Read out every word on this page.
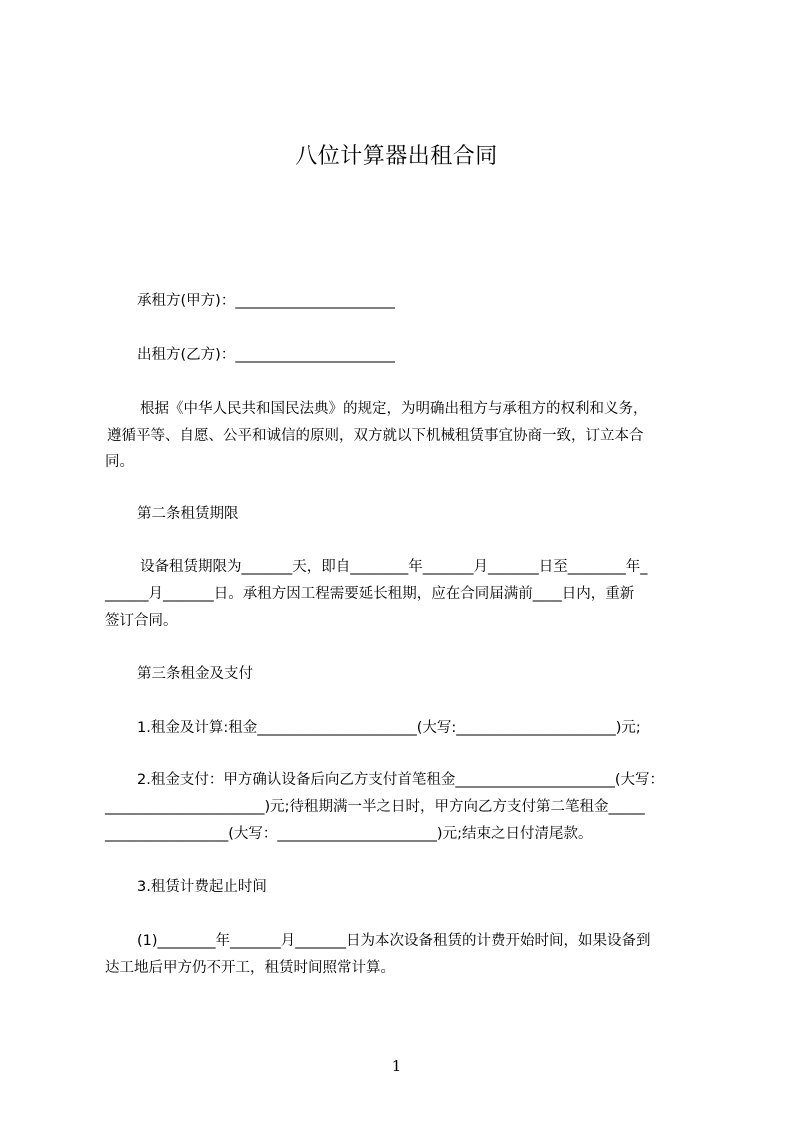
八位计算器出租合同
承租方(甲方)：______________________
出租方(乙方)：______________________
根据《中华人民共和国民法典》的规定，为明确出租方与承租方的权利和义务，
遵循平等、自愿、公平和诚信的原则，双方就以下机械租赁事宜协商一致，订立本合
同。
第二条租赁期限
设备租赁期限为_______天，即自________年_______月_______日至________年_
______月_______日。承租方因工程需要延长租期，应在合同届满前____日内，重新
签订合同。
第三条租金及支付
1.租金及计算:租金______________________(大写:______________________)元;
2.租金支付：甲方确认设备后向乙方支付首笔租金______________________(大写：
______________________)元;待租期满一半之日时，甲方向乙方支付第二笔租金_____
_________________(大写：______________________)元;结束之日付清尾款。
3.租赁计费起止时间
(1)________年_______月_______日为本次设备租赁的计费开始时间，如果设备到
达工地后甲方仍不开工，租赁时间照常计算。
1
